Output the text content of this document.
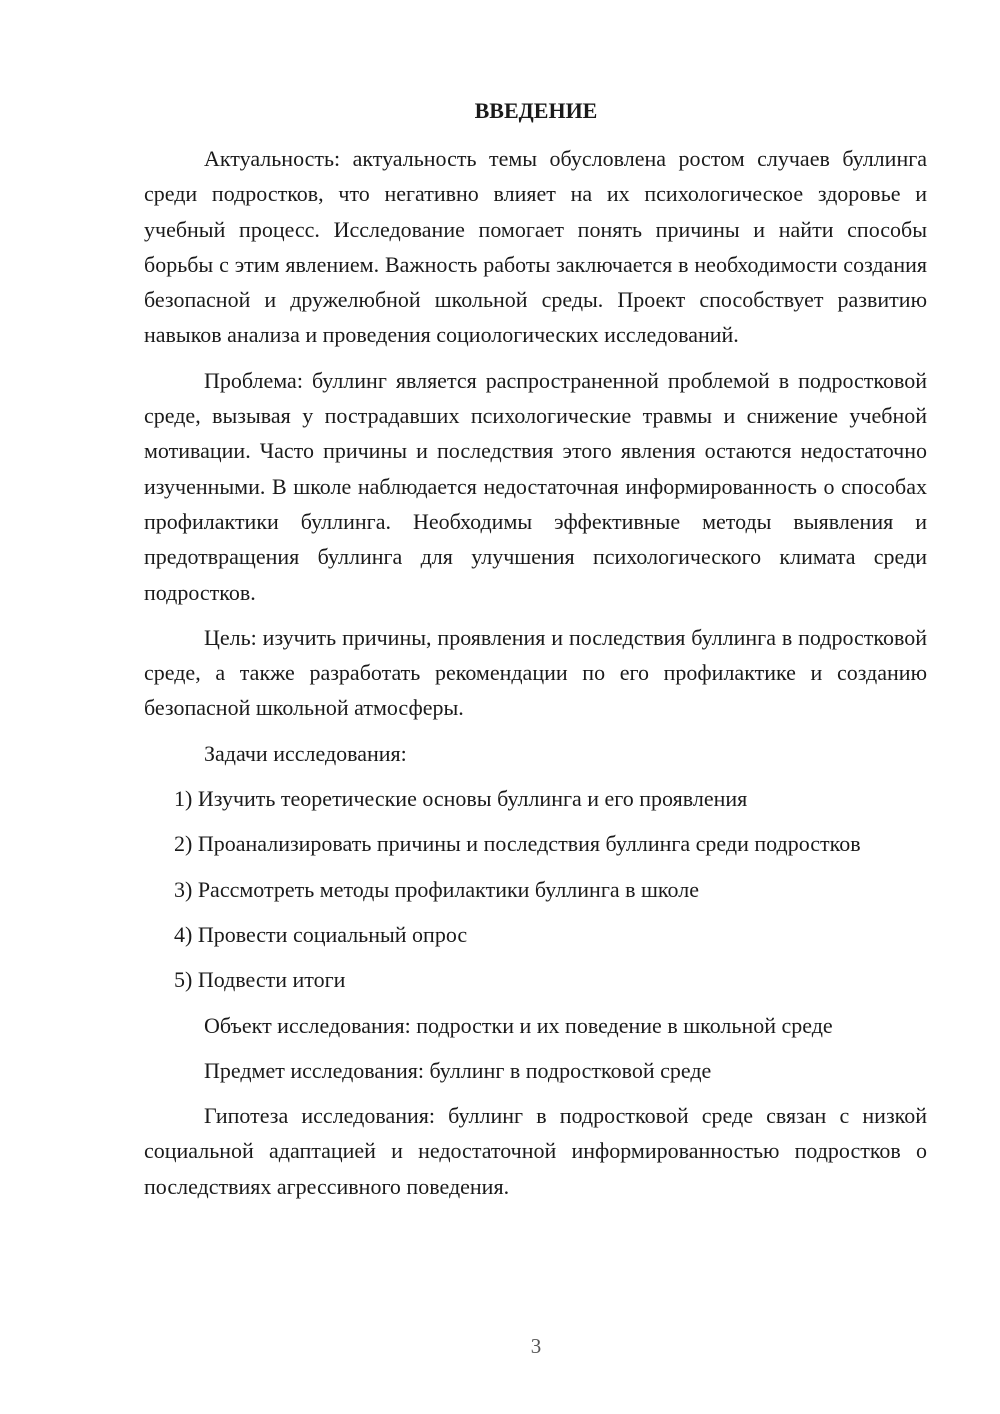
ВВЕДЕНИЕ

Актуальность: актуальность темы обусловлена ростом случаев буллинга среди подростков, что негативно влияет на их психологическое здоровье и учебный процесс. Исследование помогает понять причины и найти способы борьбы с этим явлением. Важность работы заключается в необходимости создания безопасной и дружелюбной школьной среды. Проект способствует развитию навыков анализа и проведения социологических исследований.

Проблема: буллинг является распространенной проблемой в подростковой среде, вызывая у пострадавших психологические травмы и снижение учебной мотивации. Часто причины и последствия этого явления остаются недостаточно изученными. В школе наблюдается недостаточная информированность о способах профилактики буллинга. Необходимы эффективные методы выявления и предотвращения буллинга для улучшения психологического климата среди подростков.

Цель: изучить причины, проявления и последствия буллинга в подростковой среде, а также разработать рекомендации по его профилактике и созданию безопасной школьной атмосферы.

Задачи исследования:

1) Изучить теоретические основы буллинга и его проявления

2) Проанализировать причины и последствия буллинга среди подростков

3) Рассмотреть методы профилактики буллинга в школе

4) Провести социальный опрос

5) Подвести итоги

Объект исследования: подростки и их поведение в школьной среде

Предмет исследования: буллинг в подростковой среде

Гипотеза исследования: буллинг в подростковой среде связан с низкой социальной адаптацией и недостаточной информированностью подростков о последствиях агрессивного поведения.

3
